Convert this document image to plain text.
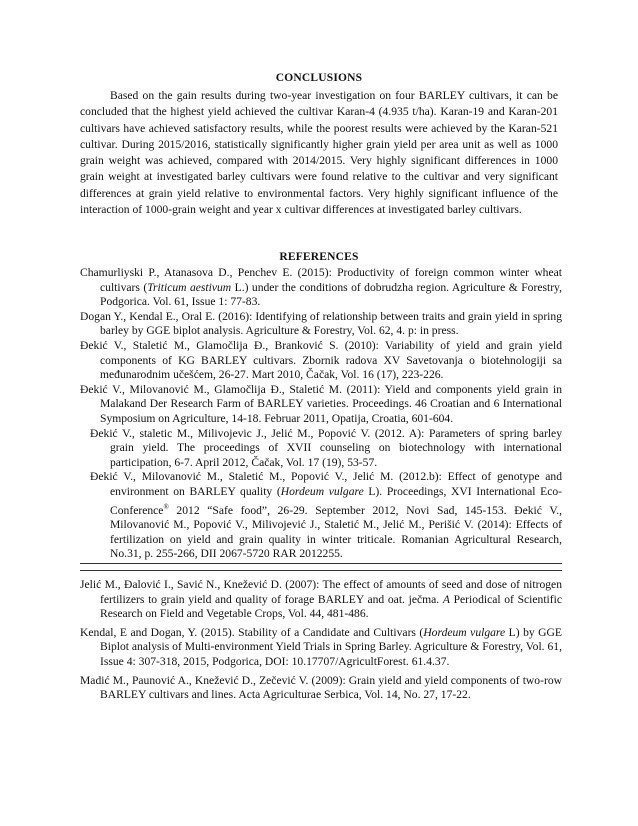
CONCLUSIONS

Based on the gain results during two-year investigation on four BARLEY cultivars, it can be concluded that the highest yield achieved the cultivar Karan-4 (4.935 t/ha). Karan-19 and Karan-201 cultivars have achieved satisfactory results, while the poorest results were achieved by the Karan-521 cultivar. During 2015/2016, statistically significantly higher grain yield per area unit as well as 1000 grain weight was achieved, compared with 2014/2015. Very highly significant differences in 1000 grain weight at investigated barley cultivars were found relative to the cultivar and very significant differences at grain yield relative to environmental factors. Very highly significant influence of the interaction of 1000-grain weight and year x cultivar differences at investigated barley cultivars.

REFERENCES
Chamurliyski P., Atanasova D., Penchev E. (2015): Productivity of foreign common winter wheat cultivars (Triticum aestivum L.) under the conditions of dobrudzha region. Agriculture & Forestry, Podgorica. Vol. 61, Issue 1: 77-83.
Dogan Y., Kendal E., Oral E. (2016): Identifying of relationship between traits and grain yield in spring barley by GGE biplot analysis. Agriculture & Forestry, Vol. 62, 4. p: in press.
Đekić V., Staletić M., Glamočlija Đ., Branković S. (2010): Variability of yield and grain yield components of KG BARLEY cultivars. Zbornik radova XV Savetovanja o biotehnologiji sa međunarodnim učešćem, 26-27. Mart 2010, Čačak, Vol. 16 (17), 223-226.
Đekić V., Milovanović M., Glamočlija Đ., Staletić M. (2011): Yield and components yield grain in Malakand Der Research Farm of BARLEY varieties. Proceedings. 46 Croatian and 6 International Symposium on Agriculture, 14-18. Februar 2011, Opatija, Croatia, 601-604.
Đekić V., staletic M., Milivojevic J., Jelić M., Popović V. (2012. A): Parameters of spring barley grain yield. The proceedings of XVII counseling on biotechnology with international participation, 6-7. April 2012, Čačak, Vol. 17 (19), 53-57.
Đekić V., Milovanović M., Staletić M., Popović V., Jelić M. (2012.b): Effect of genotype and environment on BARLEY quality (Hordeum vulgare L). Proceedings, XVI International Eco-Conference® 2012 “Safe food”, 26-29. September 2012, Novi Sad, 145-153. Đekić V., Milovanović M., Popović V., Milivojević J., Staletić M., Jelić M., Perišić V. (2014): Effects of fertilization on yield and grain quality in winter triticale. Romanian Agricultural Research, No.31, p. 255-266, DII 2067-5720 RAR 2012255.
Jelić M., Đalović I., Savić N., Knežević D. (2007): The effect of amounts of seed and dose of nitrogen fertilizers to grain yield and quality of forage BARLEY and oat. ječma. A Periodical of Scientific Research on Field and Vegetable Crops, Vol. 44, 481-486.
Kendal, E and Dogan, Y. (2015). Stability of a Candidate and Cultivars (Hordeum vulgare L) by GGE Biplot analysis of Multi-environment Yield Trials in Spring Barley. Agriculture & Forestry, Vol. 61, Issue 4: 307-318, 2015, Podgorica, DOI: 10.17707/AgricultForest. 61.4.37.
Madić M., Paunović A., Knežević D., Zečević V. (2009): Grain yield and yield components of two-row BARLEY cultivars and lines. Acta Agriculturae Serbica, Vol. 14, No. 27, 17-22.
